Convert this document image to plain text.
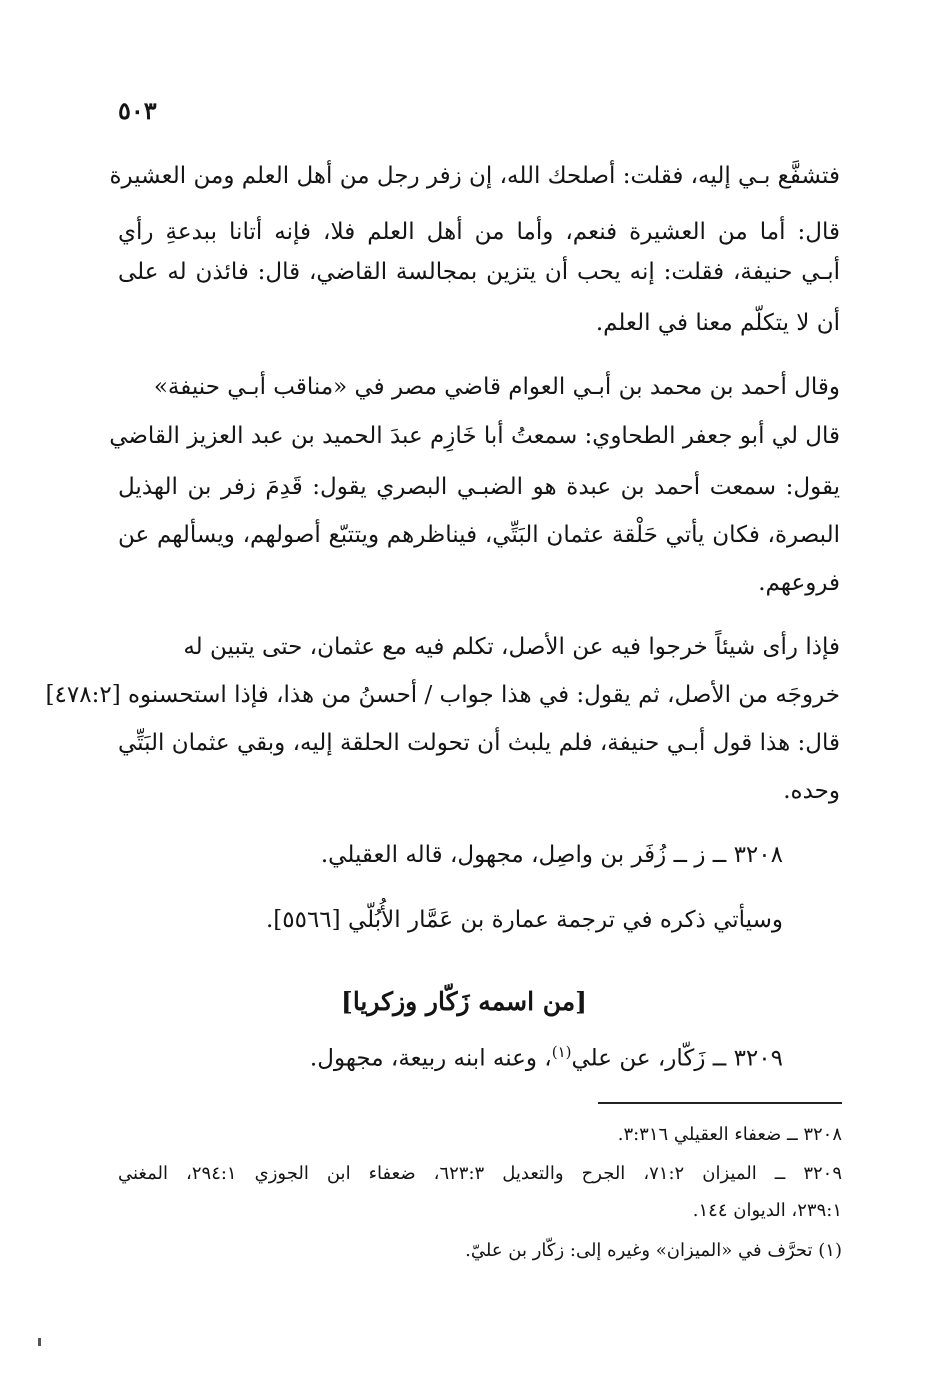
٥٠٣
فتشفَّع بـي إليه، فقلت: أصلحك الله، إن زفر رجل من أهل العلم ومن العشيرة
قال: أما من العشيرة فنعم، وأما من أهل العلم فلا، فإنه أتانا ببدعةِ رأي
أبـي حنيفة، فقلت: إنه يحب أن يتزين بمجالسة القاضي، قال: فائذن له على
أن لا يتكلّم معنا في العلم.
وقال أحمد بن محمد بن أبـي العوام قاضي مصر في «مناقب أبـي حنيفة»
قال لي أبو جعفر الطحاوي: سمعتُ أبا خَازِم عبدَ الحميد بن عبد العزيز القاضي
يقول: سمعت أحمد بن عبدة هو الضبـي البصري يقول: قَدِمَ زفر بن الهذيل
البصرة، فكان يأتي حَلْقة عثمان البَتِّي، فيناظرهم ويتتبّع أصولهم، ويسألهم عن
فروعهم.
فإذا رأى شيئاً خرجوا فيه عن الأصل، تكلم فيه مع عثمان، حتى يتبين له
خروجَه من الأصل، ثم يقول: في هذا جواب / أحسنُ من هذا، فإذا استحسنوه [٤٧٨:٢]
قال: هذا قول أبـي حنيفة، فلم يلبث أن تحولت الحلقة إليه، وبقي عثمان البَتِّي
وحده.
٣٢٠٨ ــ ز ــ زُفَر بن واصِل، مجهول، قاله العقيلي.
وسيأتي ذكره في ترجمة عمارة بن عَمَّار الأُبُلّي [٥٥٦٦].
[من اسمه زَكّار وزكريا]
٣٢٠٩ ــ زَكّار، عن علي$^{(١)}$، وعنه ابنه ربيعة، مجهول.
٣٢٠٨ ــ ضعفاء العقيلي ٣:٣١٦.
٣٢٠٩ ــ الميزان ٧١:٢، الجرح والتعديل ٦٢٣:٣، ضعفاء ابن الجوزي ٢٩٤:١، المغني
٢٣٩:١، الديوان ١٤٤.
(١) تحرَّف في «الميزان» وغيره إلى: زكّار بن عليّ.
